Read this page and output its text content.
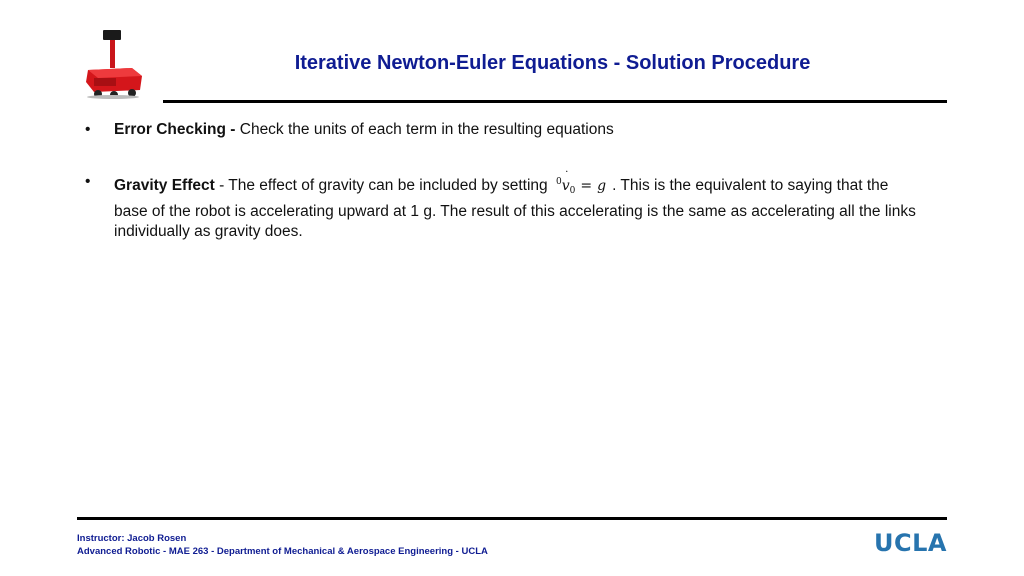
Iterative Newton-Euler Equations - Solution Procedure
• Error Checking - Check the units of each term in the resulting equations
• Gravity Effect - The effect of gravity can be included by setting $^0$v $˙_0 = g$ . This is the equivalent to saying that the base of the robot is accelerating upward at 1 g. The result of this accelerating is the same as accelerating all the links individually as gravity does.
Instructor: Jacob Rosen
Advanced Robotic - MAE 263 - Department of Mechanical & Aerospace Engineering - UCLA	UCLA
